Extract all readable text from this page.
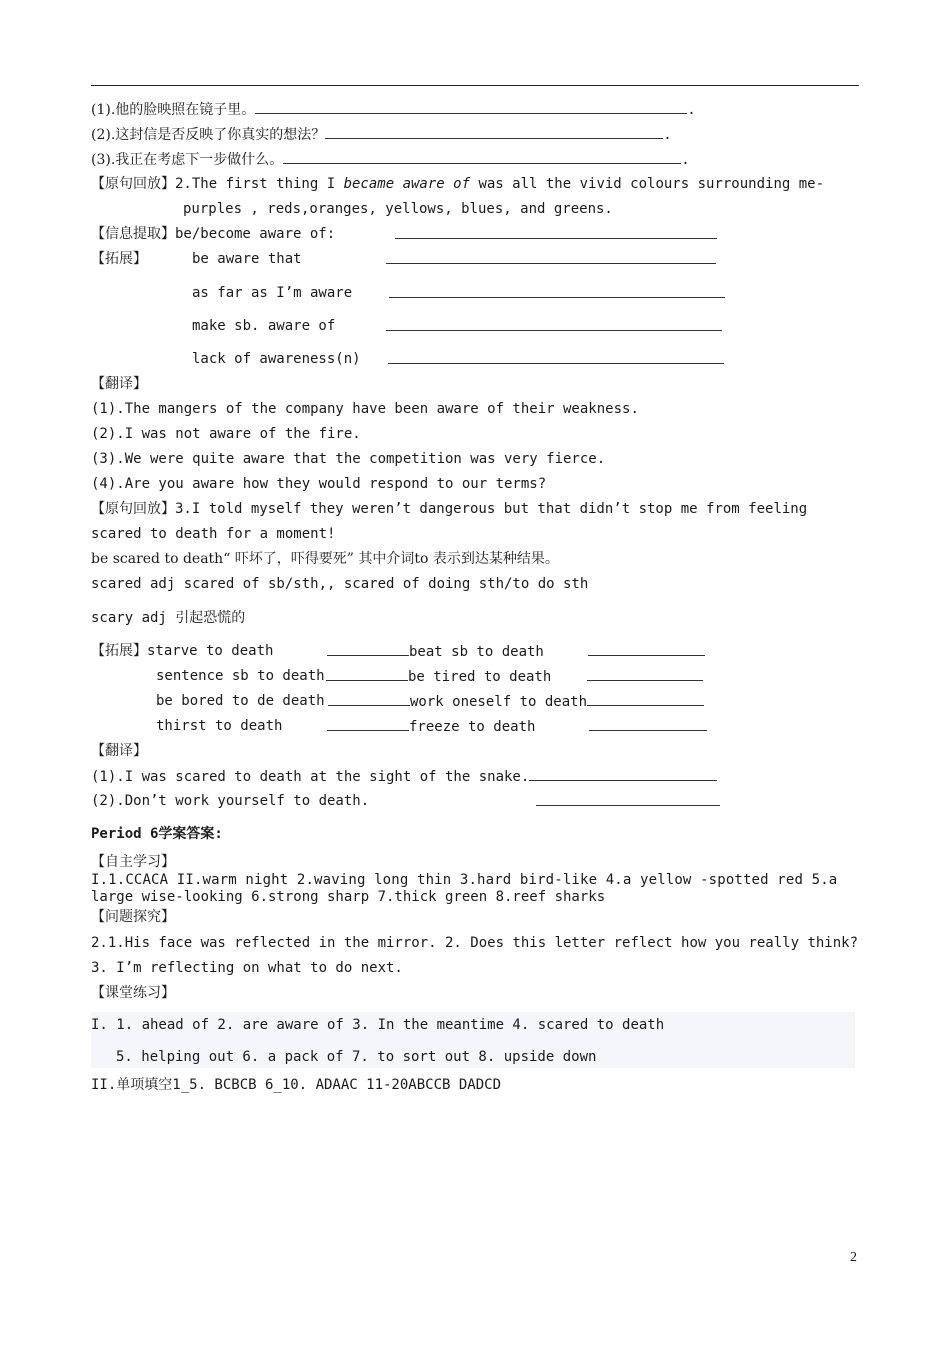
(1).他的脸映照在镜子里。	.
(2).这封信是否反映了你真实的想法？	.
(3).我正在考虑下一步做什么。	.
【原句回放】2.The first thing I became aware of was all the vivid colours surrounding me-
purples , reds,oranges, yellows, blues, and greens.
【信息提取】be/become aware of:
【拓展】	be aware that
as far as I’m aware
make sb. aware of
lack of awareness(n)
【翻译】
(1).The mangers of the company have been aware of their weakness.
(2).I was not aware of the fire.
(3).We were quite aware that the competition was very fierce.
(4).Are you aware how they would respond to our terms?
【原句回放】3.I told myself they weren’t dangerous but that didn’t stop me from feeling
scared to death for a moment!
be scared to death“ 吓坏了，吓得要死” 其中介词to 表示到达某种结果。
scared adj scared of sb/sth,, scared of doing sth/to do sth
scary adj 引起恐慌的
【拓展】starve to death	beat sb to death
sentence sb to death	be tired to death
be bored to de death	work oneself to death
thirst to death	freeze to death
【翻译】
(1).I was scared to death at the sight of the snake.
(2).Don’t work yourself to death.
Period 6学案答案:
【自主学习】
I.1.CCACA II.warm night 2.waving long thin 3.hard bird-like 4.a yellow -spotted red 5.a
large wise-looking 6.strong sharp 7.thick green 8.reef sharks
【问题探究】
2.1.His face was reflected in the mirror. 2. Does this letter reflect how you really think?
3. I’m reflecting on what to do next.
【课堂练习】
I. 1. ahead of 2. are aware of 3. In the meantime 4. scared to death
5. helping out 6. a pack of 7. to sort out 8. upside down
II.单项填空1_5. BCBCB 6_10. ADAAC 11-20ABCCB DADCD
2
